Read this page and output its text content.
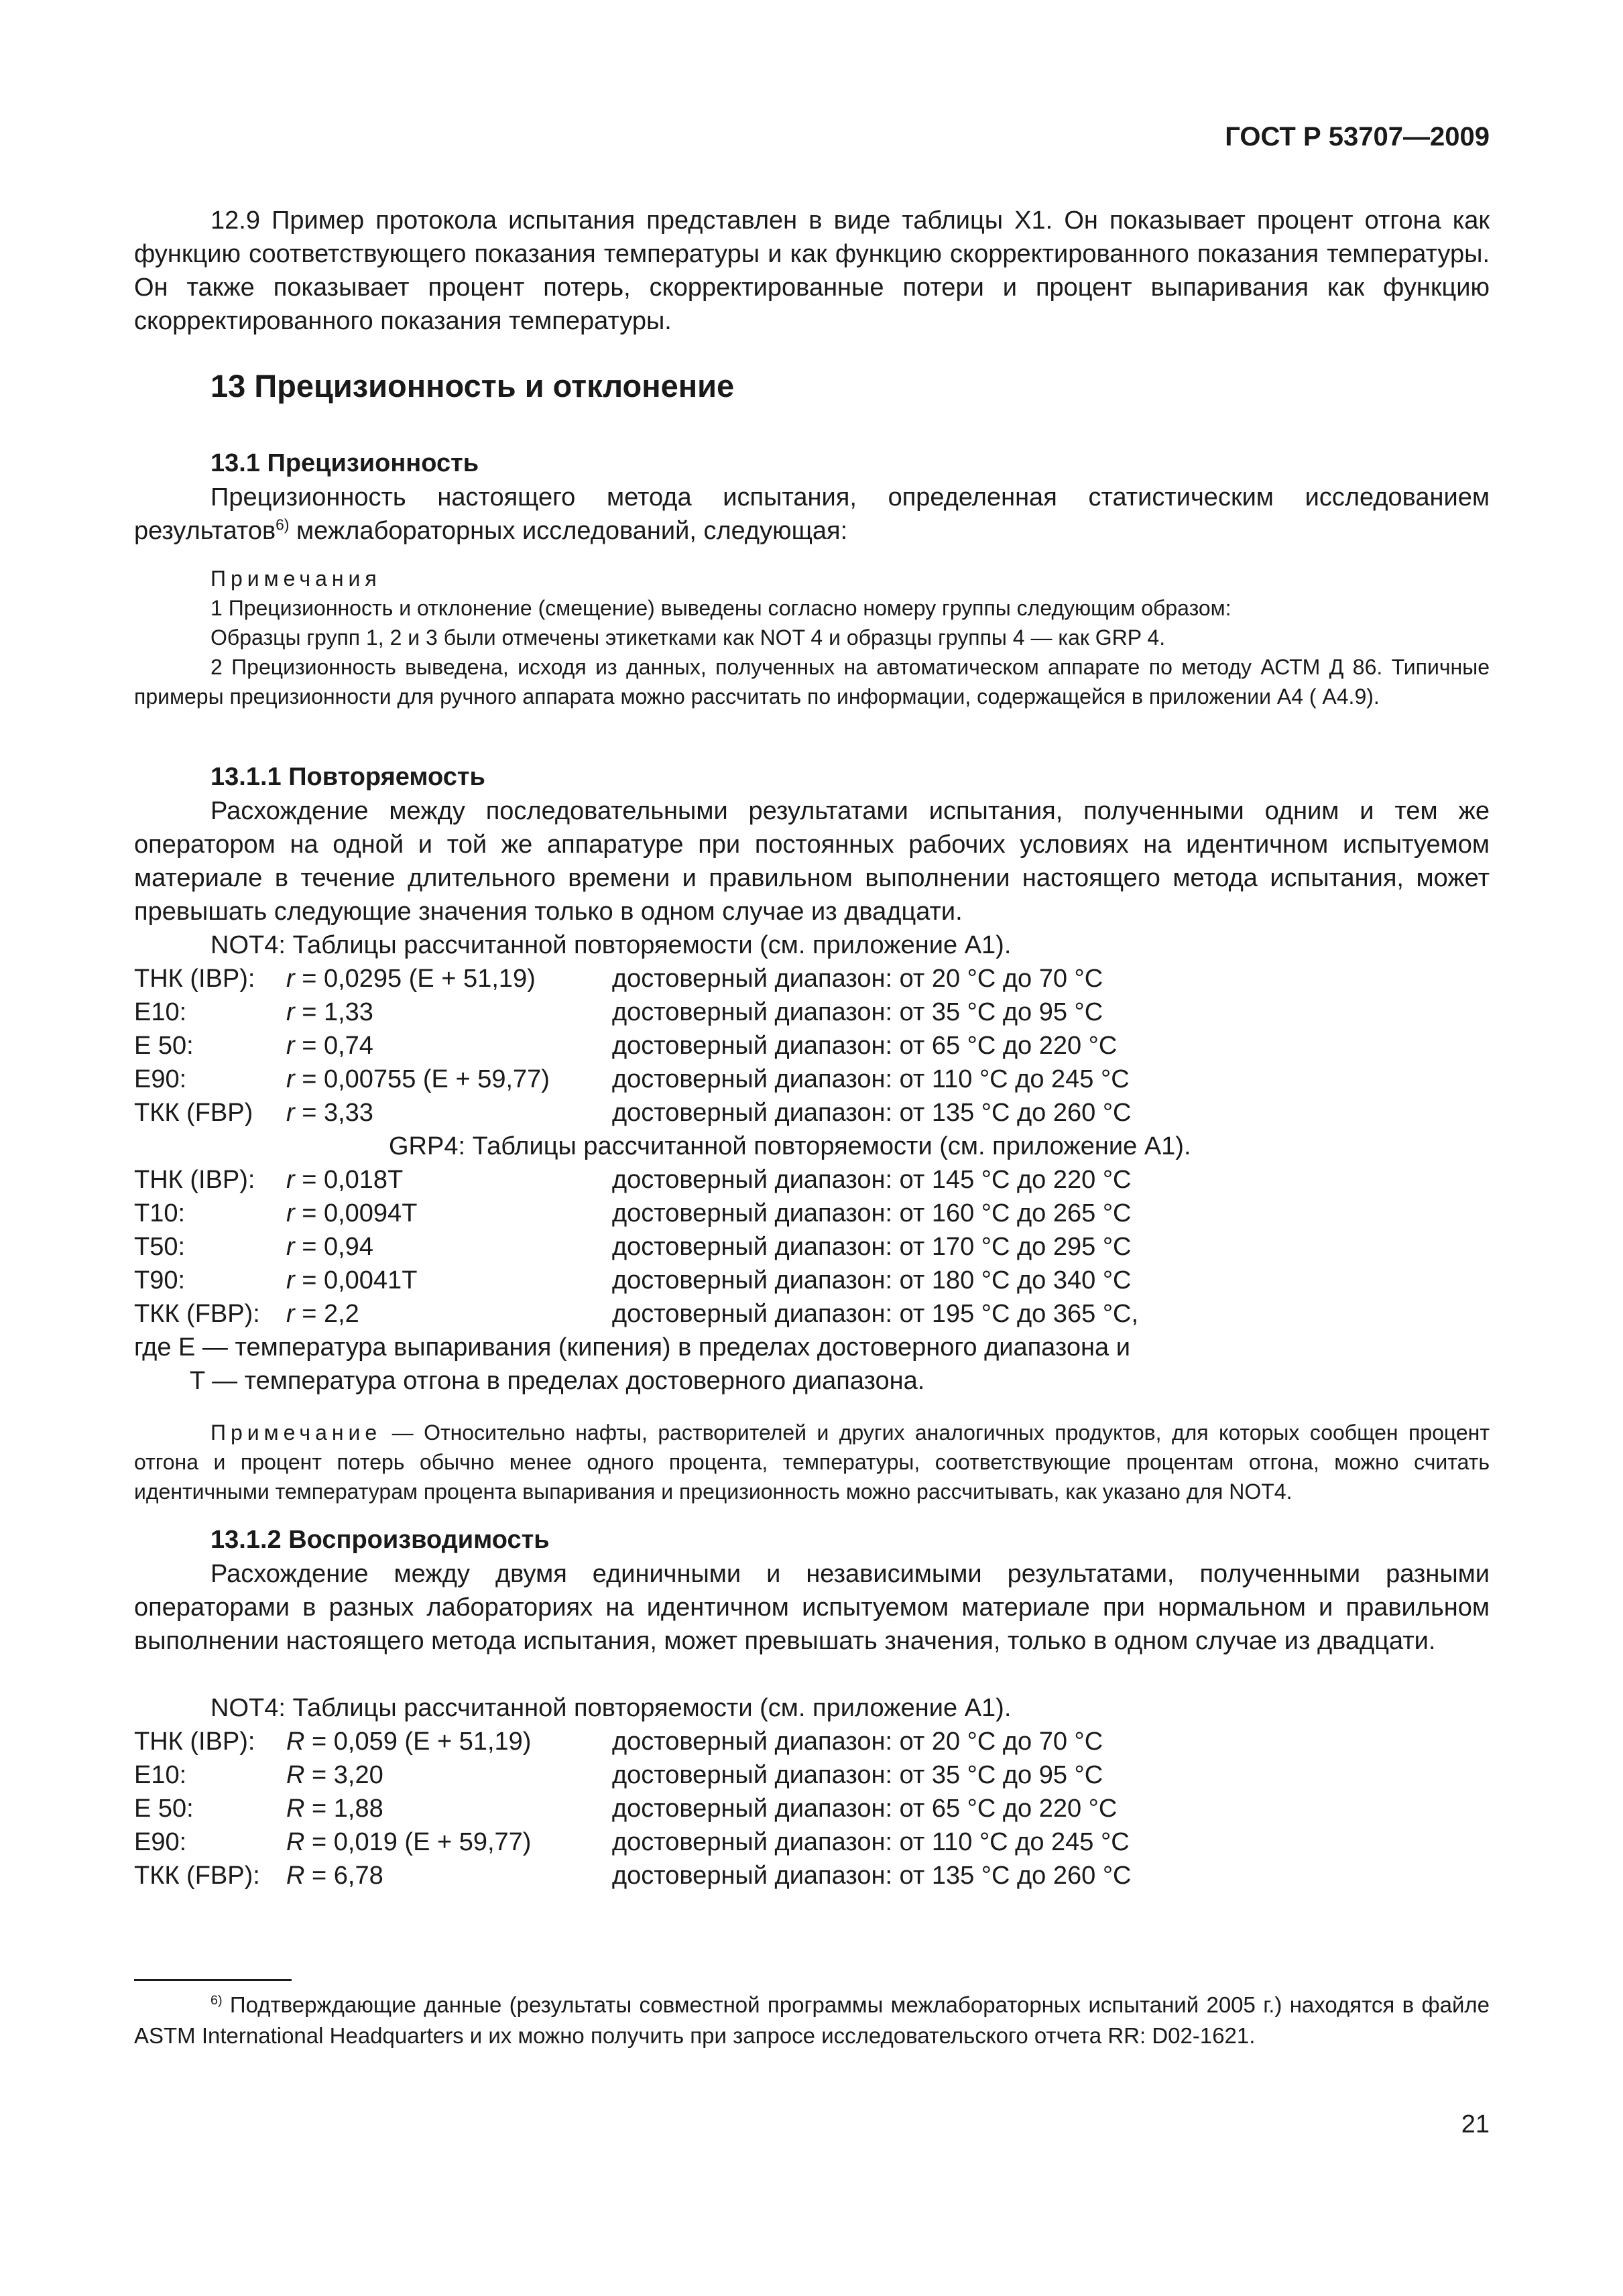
ГОСТ Р 53707—2009

12.9 Пример протокола испытания представлен в виде таблицы Х1. Он показывает процент отгона как функцию соответствующего показания температуры и как функцию скорректированного показания температуры. Он также показывает процент потерь, скорректированные потери и процент выпаривания как функцию скорректированного показания температуры.

13 Прецизионность и отклонение
13.1 Прецизионность

Прецизионность настоящего метода испытания, определенная статистическим исследованием результатов$^{6)}$ межлабораторных исследований, следующая:

Примечания

1 Прецизионность и отклонение (смещение) выведены согласно номеру группы следующим образом:

Образцы групп 1, 2 и 3 были отмечены этикетками как NOT 4 и образцы группы 4 — как GRP 4.

2 Прецизионность выведена, исходя из данных, полученных на автоматическом аппарате по методу АСТМ Д 86. Типичные примеры прецизионности для ручного аппарата можно рассчитать по информации, содержащейся в приложении А4 ( А4.9).

13.1.1 Повторяемость

Расхождение между последовательными результатами испытания, полученными одним и тем же оператором на одной и той же аппаратуре при постоянных рабочих условиях на идентичном испытуемом материале в течение длительного времени и правильном выполнении настоящего метода испытания, может превышать следующие значения только в одном случае из двадцати.

NOT4: Таблицы рассчитанной повторяемости (см. приложение А1).
ТНК (IBP): r = 0,0295 (E + 51,19)	достоверный диапазон: от 20 °С до 70 °С
E10:	r = 1,33	достоверный диапазон: от 35 °С до 95 °С
E 50:	r = 0,74	достоверный диапазон: от 65 °С до 220 °С
E90:	r = 0,00755 (E + 59,77) достоверный диапазон: от 110 °С до 245 °С
ТКК (FBP) r = 3,33	достоверный диапазон: от 135 °С до 260 °С
GRP4: Таблицы рассчитанной повторяемости (см. приложение А1).
ТНК (IBP): r = 0,018T	достоверный диапазон: от 145 °С до 220 °С
T10:	r = 0,0094T	достоверный диапазон: от 160 °С до 265 °С
T50:	r = 0,94	достоверный диапазон: от 170 °С до 295 °С
T90:	r = 0,0041T	достоверный диапазон: от 180 °С до 340 °С
ТКК (FBP): r = 2,2	достоверный диапазон: от 195 °С до 365 °С,
где E — температура выпаривания (кипения) в пределах достоверного диапазона и
T — температура отгона в пределах достоверного диапазона.

Примечание — Относительно нафты, растворителей и других аналогичных продуктов, для которых сообщен процент отгона и процент потерь обычно менее одного процента, температуры, соответствующие процентам отгона, можно считать идентичными температурам процента выпаривания и прецизионность можно рассчитывать, как указано для NOT4.

13.1.2 Воспроизводимость

Расхождение между двумя единичными и независимыми результатами, полученными разными операторами в разных лабораториях на идентичном испытуемом материале при нормальном и правильном выполнении настоящего метода испытания, может превышать значения, только в одном случае из двадцати.

NOT4: Таблицы рассчитанной повторяемости (см. приложение А1).
ТНК (IBP): R = 0,059 (E + 51,19)	достоверный диапазон: от 20 °С до 70 °С
E10:	R = 3,20	достоверный диапазон: от 35 °С до 95 °С
E 50:	R = 1,88	достоверный диапазон: от 65 °С до 220 °С
E90:	R = 0,019 (E + 59,77)	достоверный диапазон: от 110 °С до 245 °С
ТКК (FBP): R = 6,78	достоверный диапазон: от 135 °С до 260 °С

$^{6)}$ Подтверждающие данные (результаты совместной программы межлабораторных испытаний 2005 г.) находятся в файле ASTM International Headquarters и их можно получить при запросе исследовательского отчета RR: D02-1621.

21
